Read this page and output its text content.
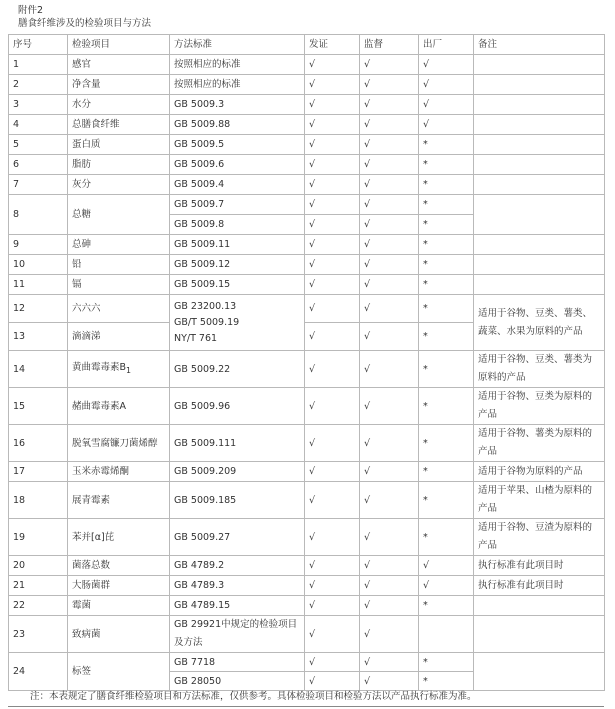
附件2
膳食纤维涉及的检验项目与方法
序号	检验项目	方法标准	发证	监督	出厂	备注
1	感官	按照相应的标准	√	√	√	
2	净含量	按照相应的标准	√	√	√	
3	水分	GB 5009.3	√	√	√	
4	总膳食纤维	GB 5009.88	√	√	√	
5	蛋白质	GB 5009.5	√	√	*	
6	脂肪	GB 5009.6	√	√	*	
7	灰分	GB 5009.4	√	√	*	
8	总糖	GB 5009.7	√	√	*	
		GB 5009.8	√	√	*	
9	总砷	GB 5009.11	√	√	*	
10	铅	GB 5009.12	√	√	*	
11	镉	GB 5009.15	√	√	*	
12	六六六	GB 23200.13
GB/T 5009.19
NY/T 761	√	√	*	适用于谷物、豆类、薯类、蔬菜、水果为原料的产品
13	滴滴涕		√	√	*	
14	黄曲霉毒素$B_1$	GB 5009.22	√	√	*	适用于谷物、豆类、薯类为原料的产品
15	赭曲霉毒素A	GB 5009.96	√	√	*	适用于谷物、豆类为原料的产品
16	脱氧雪腐镰刀菌烯醇	GB 5009.111	√	√	*	适用于谷物、薯类为原料的产品
17	玉米赤霉烯酮	GB 5009.209	√	√	*	适用于谷物为原料的产品
18	展青霉素	GB 5009.185	√	√	*	适用于苹果、山楂为原料的产品
19	苯并[α]芘	GB 5009.27	√	√	*	适用于谷物、豆渣为原料的产品
20	菌落总数	GB 4789.2	√	√	√	执行标准有此项目时
21	大肠菌群	GB 4789.3	√	√	√	执行标准有此项目时
22	霉菌	GB 4789.15	√	√	*	
23	致病菌	GB 29921中规定的检验项目及方法	√	√		
24	标签	GB 7718	√	√	*	
		GB 28050	√	√	*	
注：本表规定了膳食纤维检验项目和方法标准，仅供参考。具体检验项目和检验方法以产品执行标准为准。
